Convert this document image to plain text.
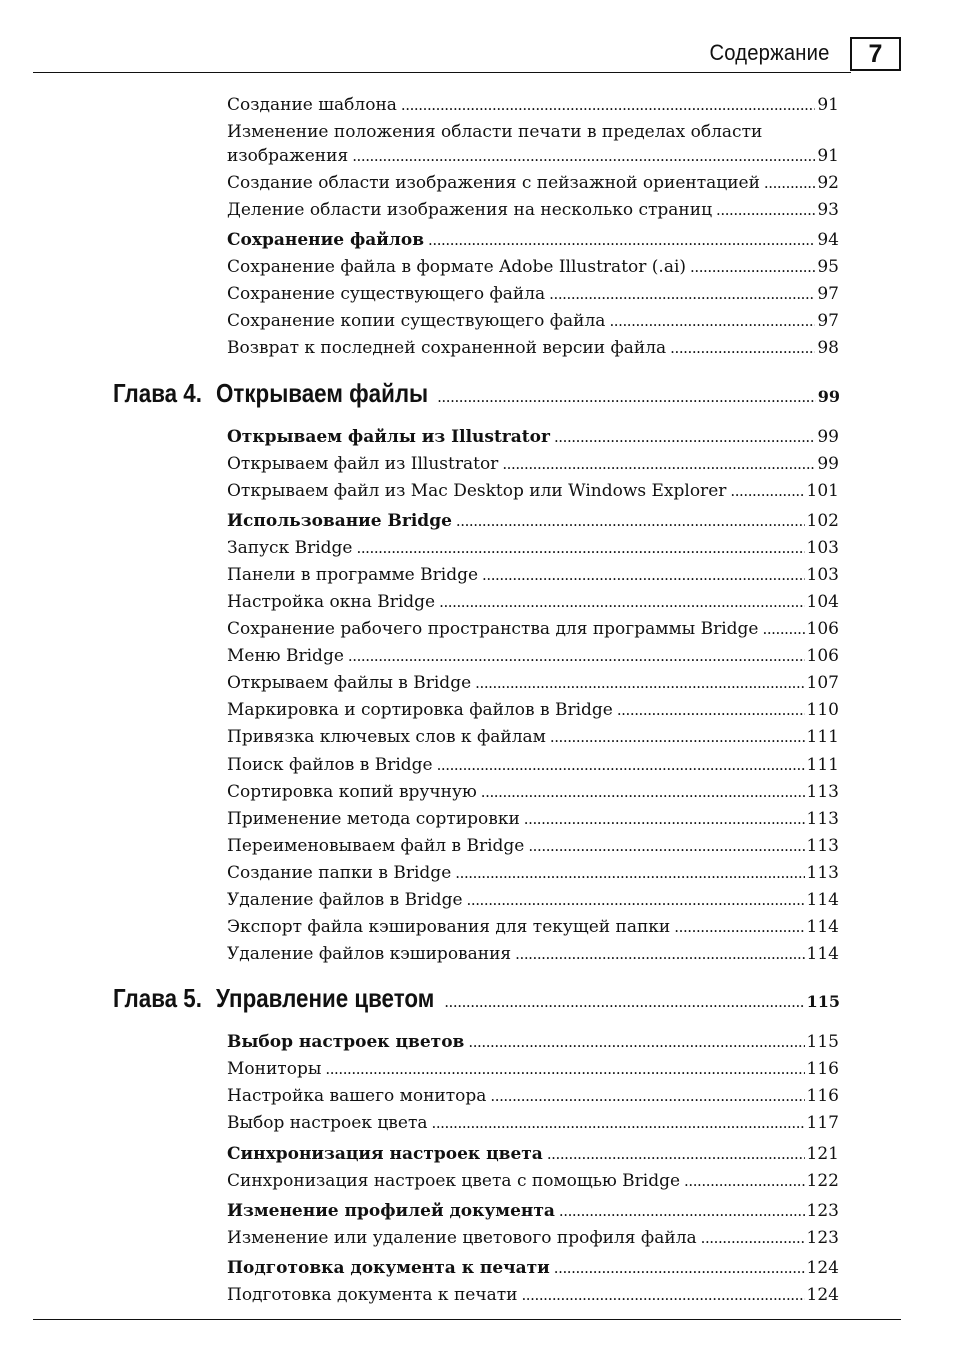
Содержание 7
Создание шаблона . . .	91
Изменение положения области печати в пределах области
изображения . . .	91
Создание области изображения с пейзажной ориентацией . . .	92
Деление области изображения на несколько страниц . . .	93
Сохранение файлов . . .	94
Сохранение файла в формате Adobe Illustrator (.ai) . . .	95
Сохранение существующего файла . . .	97
Сохранение копии существующего файла . . .	97
Возврат к последней сохраненной версии файла . . .	98
Глава 4. Открываем файлы . . .	99
Открываем файлы из Illustrator . . .	99
Открываем файл из Illustrator . . .	99
Открываем файл из Mac Desktop или Windows Explorer . . .	101
Использование Bridge . . .	102
Запуск Bridge . . .	103
Панели в программе Bridge . . .	103
Настройка окна Bridge . . .	104
Сохранение рабочего пространства для программы Bridge . . .	106
Меню Bridge . . .	106
Открываем файлы в Bridge . . .	107
Маркировка и сортировка файлов в Bridge . . .	110
Привязка ключевых слов к файлам . . .	111
Поиск файлов в Bridge . . .	111
Сортировка копий вручную . . .	113
Применение метода сортировки . . .	113
Переименовываем файл в Bridge . . .	113
Создание папки в Bridge . . .	113
Удаление файлов в Bridge . . .	114
Экспорт файла кэширования для текущей папки . . .	114
Удаление файлов кэширования . . .	114
Глава 5. Управление цветом . . .	115
Выбор настроек цветов . . .	115
Мониторы . . .	116
Настройка вашего монитора . . .	116
Выбор настроек цвета . . .	117
Синхронизация настроек цвета . . .	121
Синхронизация настроек цвета с помощью Bridge . . .	122
Изменение профилей документа . . .	123
Изменение или удаление цветового профиля файла . . .	123
Подготовка документа к печати . . .	124
Подготовка документа к печати . . .	124
